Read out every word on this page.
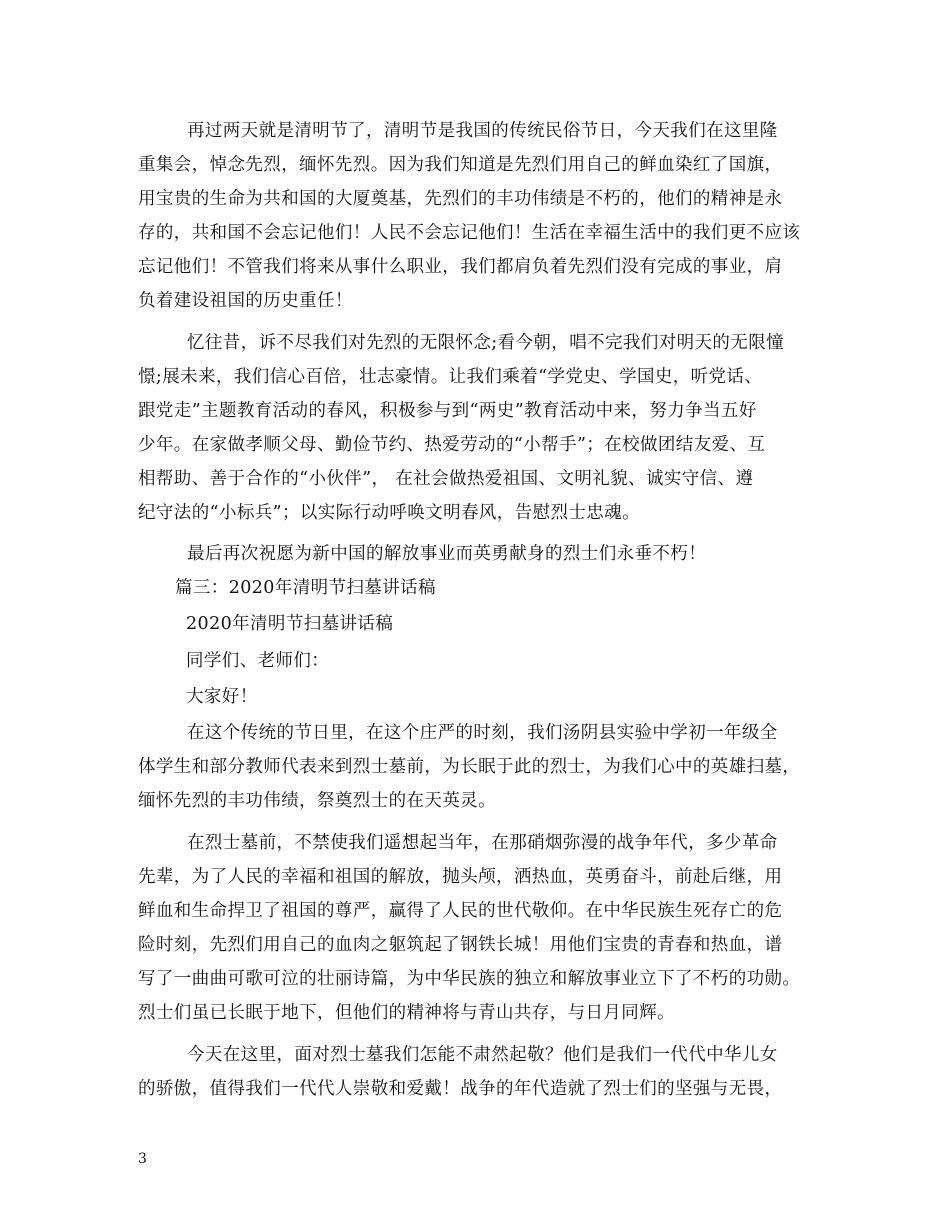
再过两天就是清明节了，清明节是我国的传统民俗节日，今天我们在这里隆
重集会，悼念先烈，缅怀先烈。因为我们知道是先烈们用自己的鲜血染红了国旗，
用宝贵的生命为共和国的大厦奠基，先烈们的丰功伟绩是不朽的，他们的精神是永
存的，共和国不会忘记他们！人民不会忘记他们！生活在幸福生活中的我们更不应该
忘记他们！不管我们将来从事什么职业，我们都肩负着先烈们没有完成的事业，肩
负着建设祖国的历史重任！
忆往昔，诉不尽我们对先烈的无限怀念;看今朝，唱不完我们对明天的无限憧
憬;展未来，我们信心百倍，壮志豪情。让我们乘着“学党史、学国史，听党话、
跟党走”主题教育活动的春风，积极参与到“两史”教育活动中来，努力争当五好
少年。在家做孝顺父母、勤俭节约、热爱劳动的“小帮手”；在校做团结友爱、互
相帮助、善于合作的“小伙伴”， 在社会做热爱祖国、文明礼貌、诚实守信、遵
纪守法的“小标兵”；以实际行动呼唤文明春风，告慰烈士忠魂。
最后再次祝愿为新中国的解放事业而英勇献身的烈士们永垂不朽！
篇三：2020年清明节扫墓讲话稿
2020年清明节扫墓讲话稿
同学们、老师们：
大家好！
在这个传统的节日里，在这个庄严的时刻，我们汤阴县实验中学初一年级全
体学生和部分教师代表来到烈士墓前，为长眠于此的烈士，为我们心中的英雄扫墓，
缅怀先烈的丰功伟绩，祭奠烈士的在天英灵。
在烈士墓前，不禁使我们遥想起当年，在那硝烟弥漫的战争年代，多少革命
先辈，为了人民的幸福和祖国的解放，抛头颅，洒热血，英勇奋斗，前赴后继，用
鲜血和生命捍卫了祖国的尊严，赢得了人民的世代敬仰。在中华民族生死存亡的危
险时刻，先烈们用自己的血肉之躯筑起了钢铁长城！用他们宝贵的青春和热血，谱
写了一曲曲可歌可泣的壮丽诗篇，为中华民族的独立和解放事业立下了不朽的功勋。
烈士们虽已长眠于地下，但他们的精神将与青山共存，与日月同辉。
今天在这里，面对烈士墓我们怎能不肃然起敬？他们是我们一代代中华儿女
的骄傲，值得我们一代代人崇敬和爱戴！战争的年代造就了烈士们的坚强与无畏，
3
